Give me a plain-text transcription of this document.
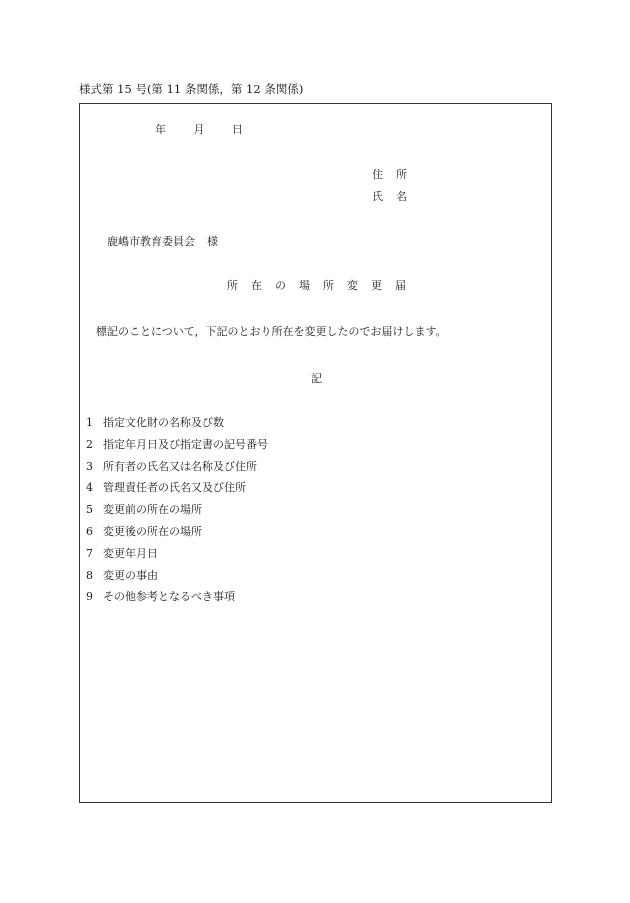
様式第 15 号(第 11 条関係，第 12 条関係)
年	月	日
住 所
氏 名
鹿嶋市教育委員会 様
所在の場所変更届
標記のことについて，下記のとおり所在を変更したのでお届けします。
記
1 指定文化財の名称及び数
2 指定年月日及び指定書の記号番号
3 所有者の氏名又は名称及び住所
4 管理責任者の氏名又及び住所
5 変更前の所在の場所
6 変更後の所在の場所
7 変更年月日
8 変更の事由
9 その他参考となるべき事項
